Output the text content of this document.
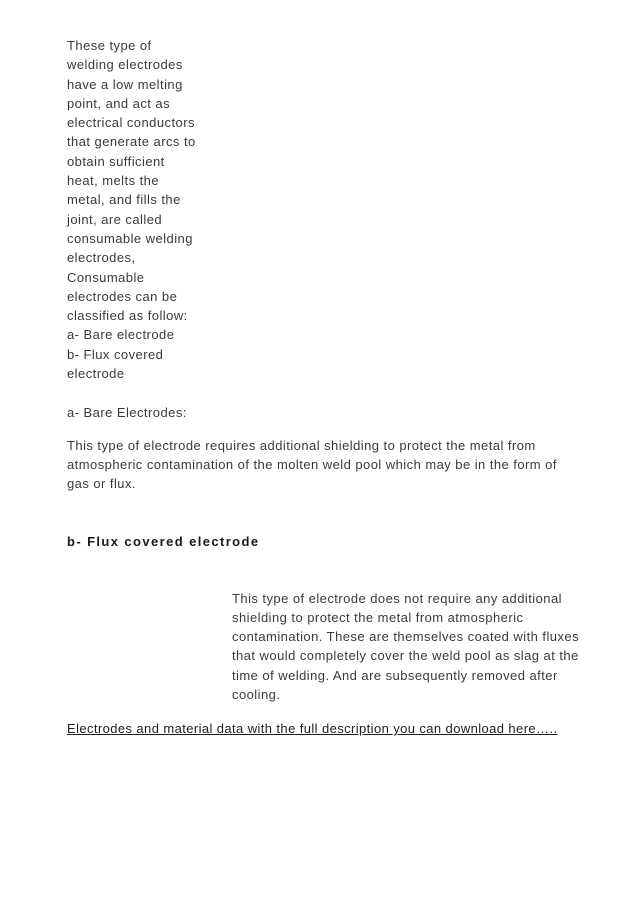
These type of

welding electrodes

have a low melting

point, and act as

electrical conductors

that generate arcs to

obtain sufficient

heat, melts the

metal, and fills the

joint, are called

consumable welding

electrodes,

Consumable

electrodes can be

classified as follow:

a- Bare electrode

b- Flux covered

electrode

a- Bare Electrodes:

This type of electrode requires additional shielding to protect the metal from atmospheric contamination of the molten weld pool which may be in the form of gas or flux.

b- Flux covered electrode

This type of electrode does not require any additional shielding to protect the metal from atmospheric contamination. These are themselves coated with fluxes that would completely cover the weld pool as slag at the time of welding. And are subsequently removed after cooling.

Electrodes and material data with the full description you can download here…..
